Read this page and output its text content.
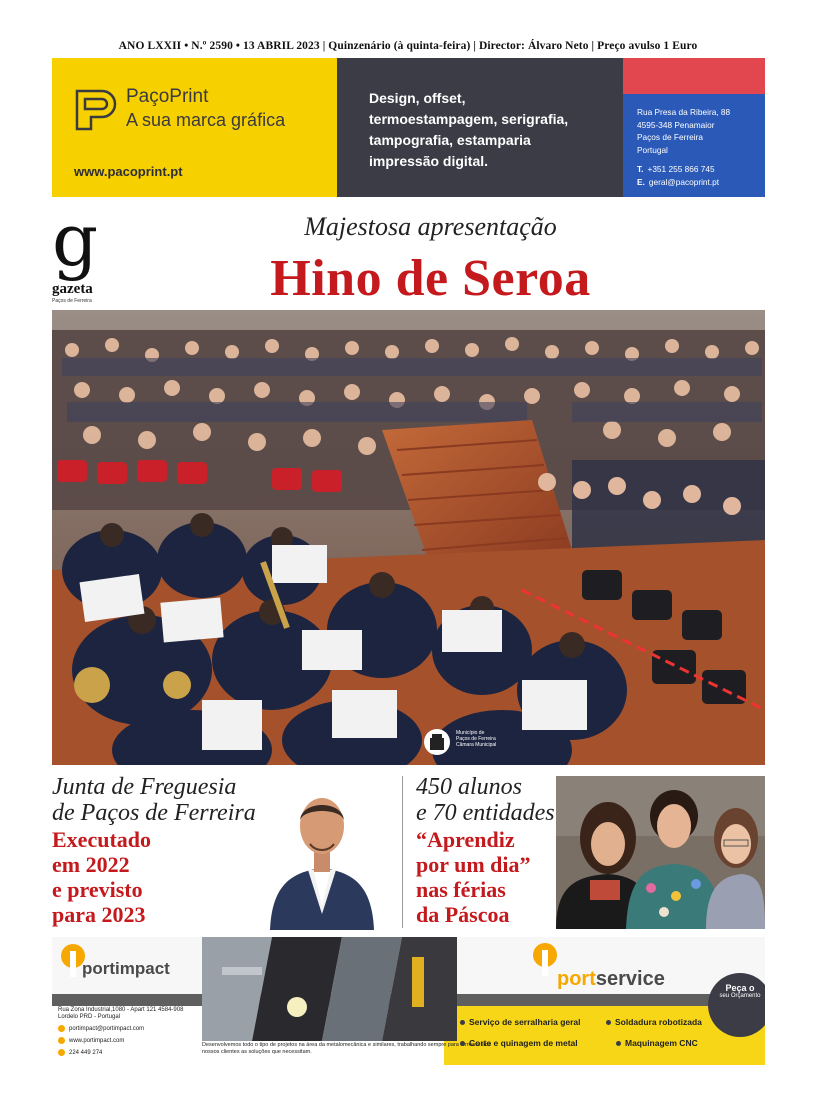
ANO LXXII • N.º 2590 • 13 ABRIL 2023 | Quinzenário (à quinta-feira) | Director: Álvaro Neto | Preço avulso 1 Euro
PaçoPrint
A sua marca gráfica
www.pacoprint.pt
Design, offset,
termoestampagem, serigrafia,
tampografia, estamparia
impressão digital.
Rua Presa da Ribeira, 88
4595-348 Penamaior
Paços de Ferreira
Portugal
T. +351 255 866 745
E. geral@pacoprint.pt
g
gazeta
Paços de Ferreira
Majestosa apresentação
Hino de Seroa
Município de
Paços de Ferreira
Câmara Municipal
Junta de Freguesia
de Paços de Ferreira
Executado
em 2022
e previsto
para 2023
450 alunos
e 70 entidades
“Aprendiz
por um dia”
nas férias
da Páscoa
portimpact
Rua Zona Industrial,1080 - Apart 121 4584-908
Lordelo PRD - Portugal
portimpact@portimpact.com
www.portimpact.com
224 449 274
Desenvolvemos todo o tipo de projetos na área da metalomecânica e similares, trabalhando sempre para fornecer aos nossos clientes as soluções que necessitam.
portservice
Serviço de serralharia geral	Soldadura robotizada
Corte e quinagem de metal	Maquinagem CNC
Peça o
seu Orçamento
